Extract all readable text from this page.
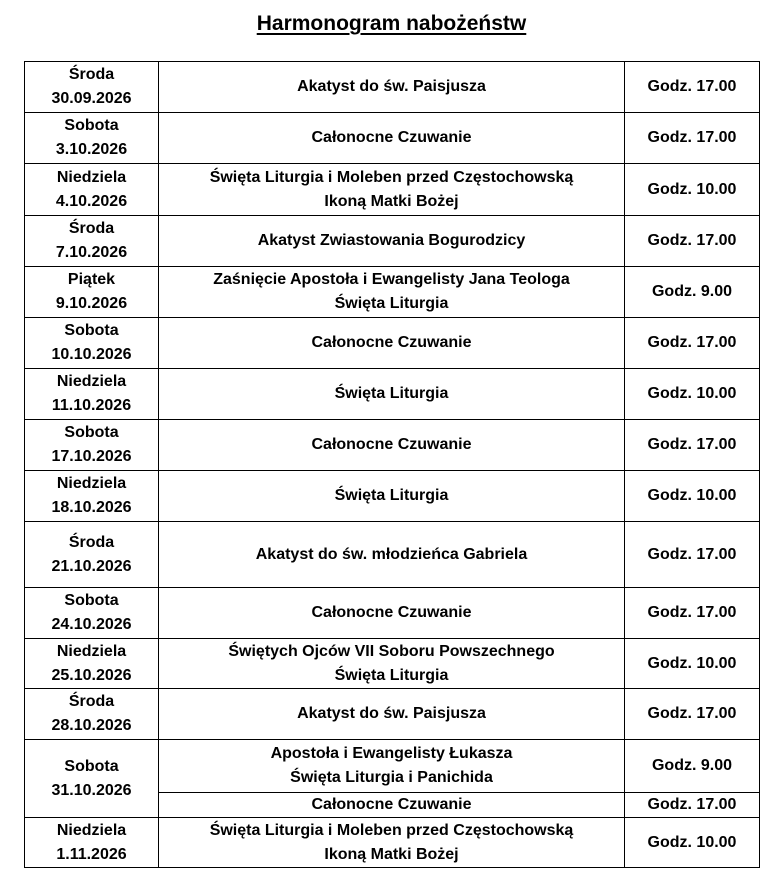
Harmonogram nabożeństw
Środa
30.09.2026	Akatyst do św. Paisjusza	Godz. 17.00

Sobota
3.10.2026	Całonocne Czuwanie	Godz. 17.00

Niedziela
4.10.2026	Święta Liturgia i Moleben przed Częstochowską
Ikoną Matki Bożej	Godz. 10.00

Środa
7.10.2026	Akatyst Zwiastowania Bogurodzicy	Godz. 17.00

Piątek
9.10.2026	Zaśnięcie Apostoła i Ewangelisty Jana Teologa
Święta Liturgia	Godz. 9.00

Sobota
10.10.2026	Całonocne Czuwanie	Godz. 17.00

Niedziela
11.10.2026	Święta Liturgia	Godz. 10.00

Sobota
17.10.2026	Całonocne Czuwanie	Godz. 17.00

Niedziela
18.10.2026	Święta Liturgia	Godz. 10.00

Środa
21.10.2026	Akatyst do św. młodzieńca Gabriela	Godz. 17.00

Sobota
24.10.2026	Całonocne Czuwanie	Godz. 17.00

Niedziela
25.10.2026	Świętych Ojców VII Soboru Powszechnego
Święta Liturgia	Godz. 10.00

Środa
28.10.2026	Akatyst do św. Paisjusza	Godz. 17.00

Sobota
31.10.2026	Apostoła i Ewangelisty Łukasza
Święta Liturgia i Panichida	Godz. 9.00

	Całonocne Czuwanie	Godz. 17.00

Niedziela
1.11.2026	Święta Liturgia i Moleben przed Częstochowską
Ikoną Matki Bożej	Godz. 10.00
